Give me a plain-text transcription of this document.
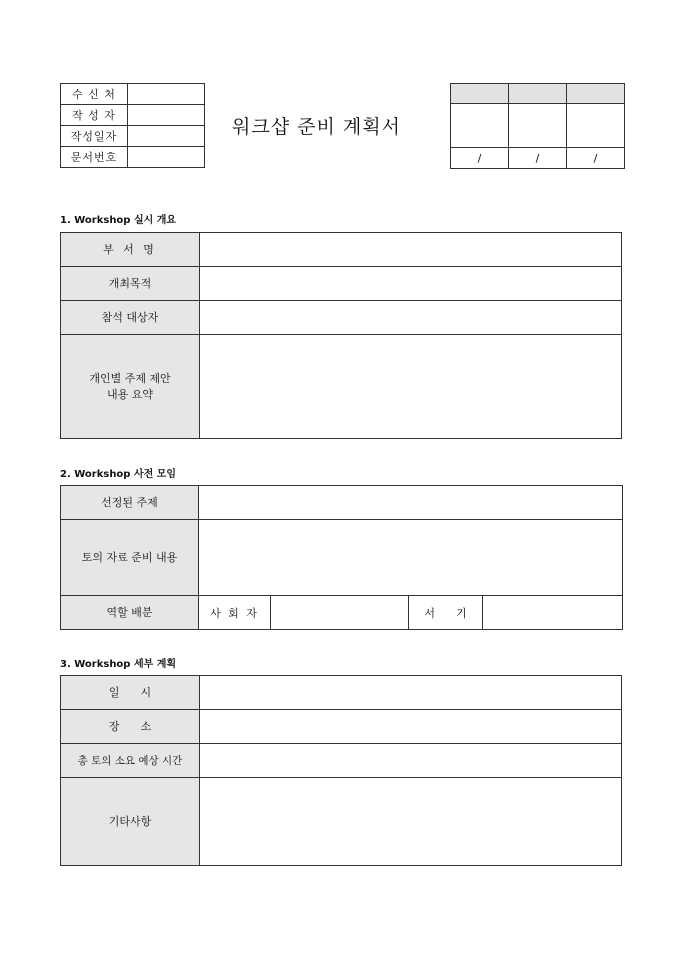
수 신 처	
작 성 자	
작성일자	
문서번호	
워크샵 준비 계획서

/	/	/
1. Workshop 실시 개요
부 서 명	
개최목적	
참석 대상자	
개인별 주제 제안
내용 요약	
2. Workshop 사전 모임
선정된 주제				
토의 자료 준비 내용				
역할 배분	사 회 자		서      기	
3. Workshop 세부 계획
일      시	
장      소	
총 토의 소요 예상 시간	
기타사항	
